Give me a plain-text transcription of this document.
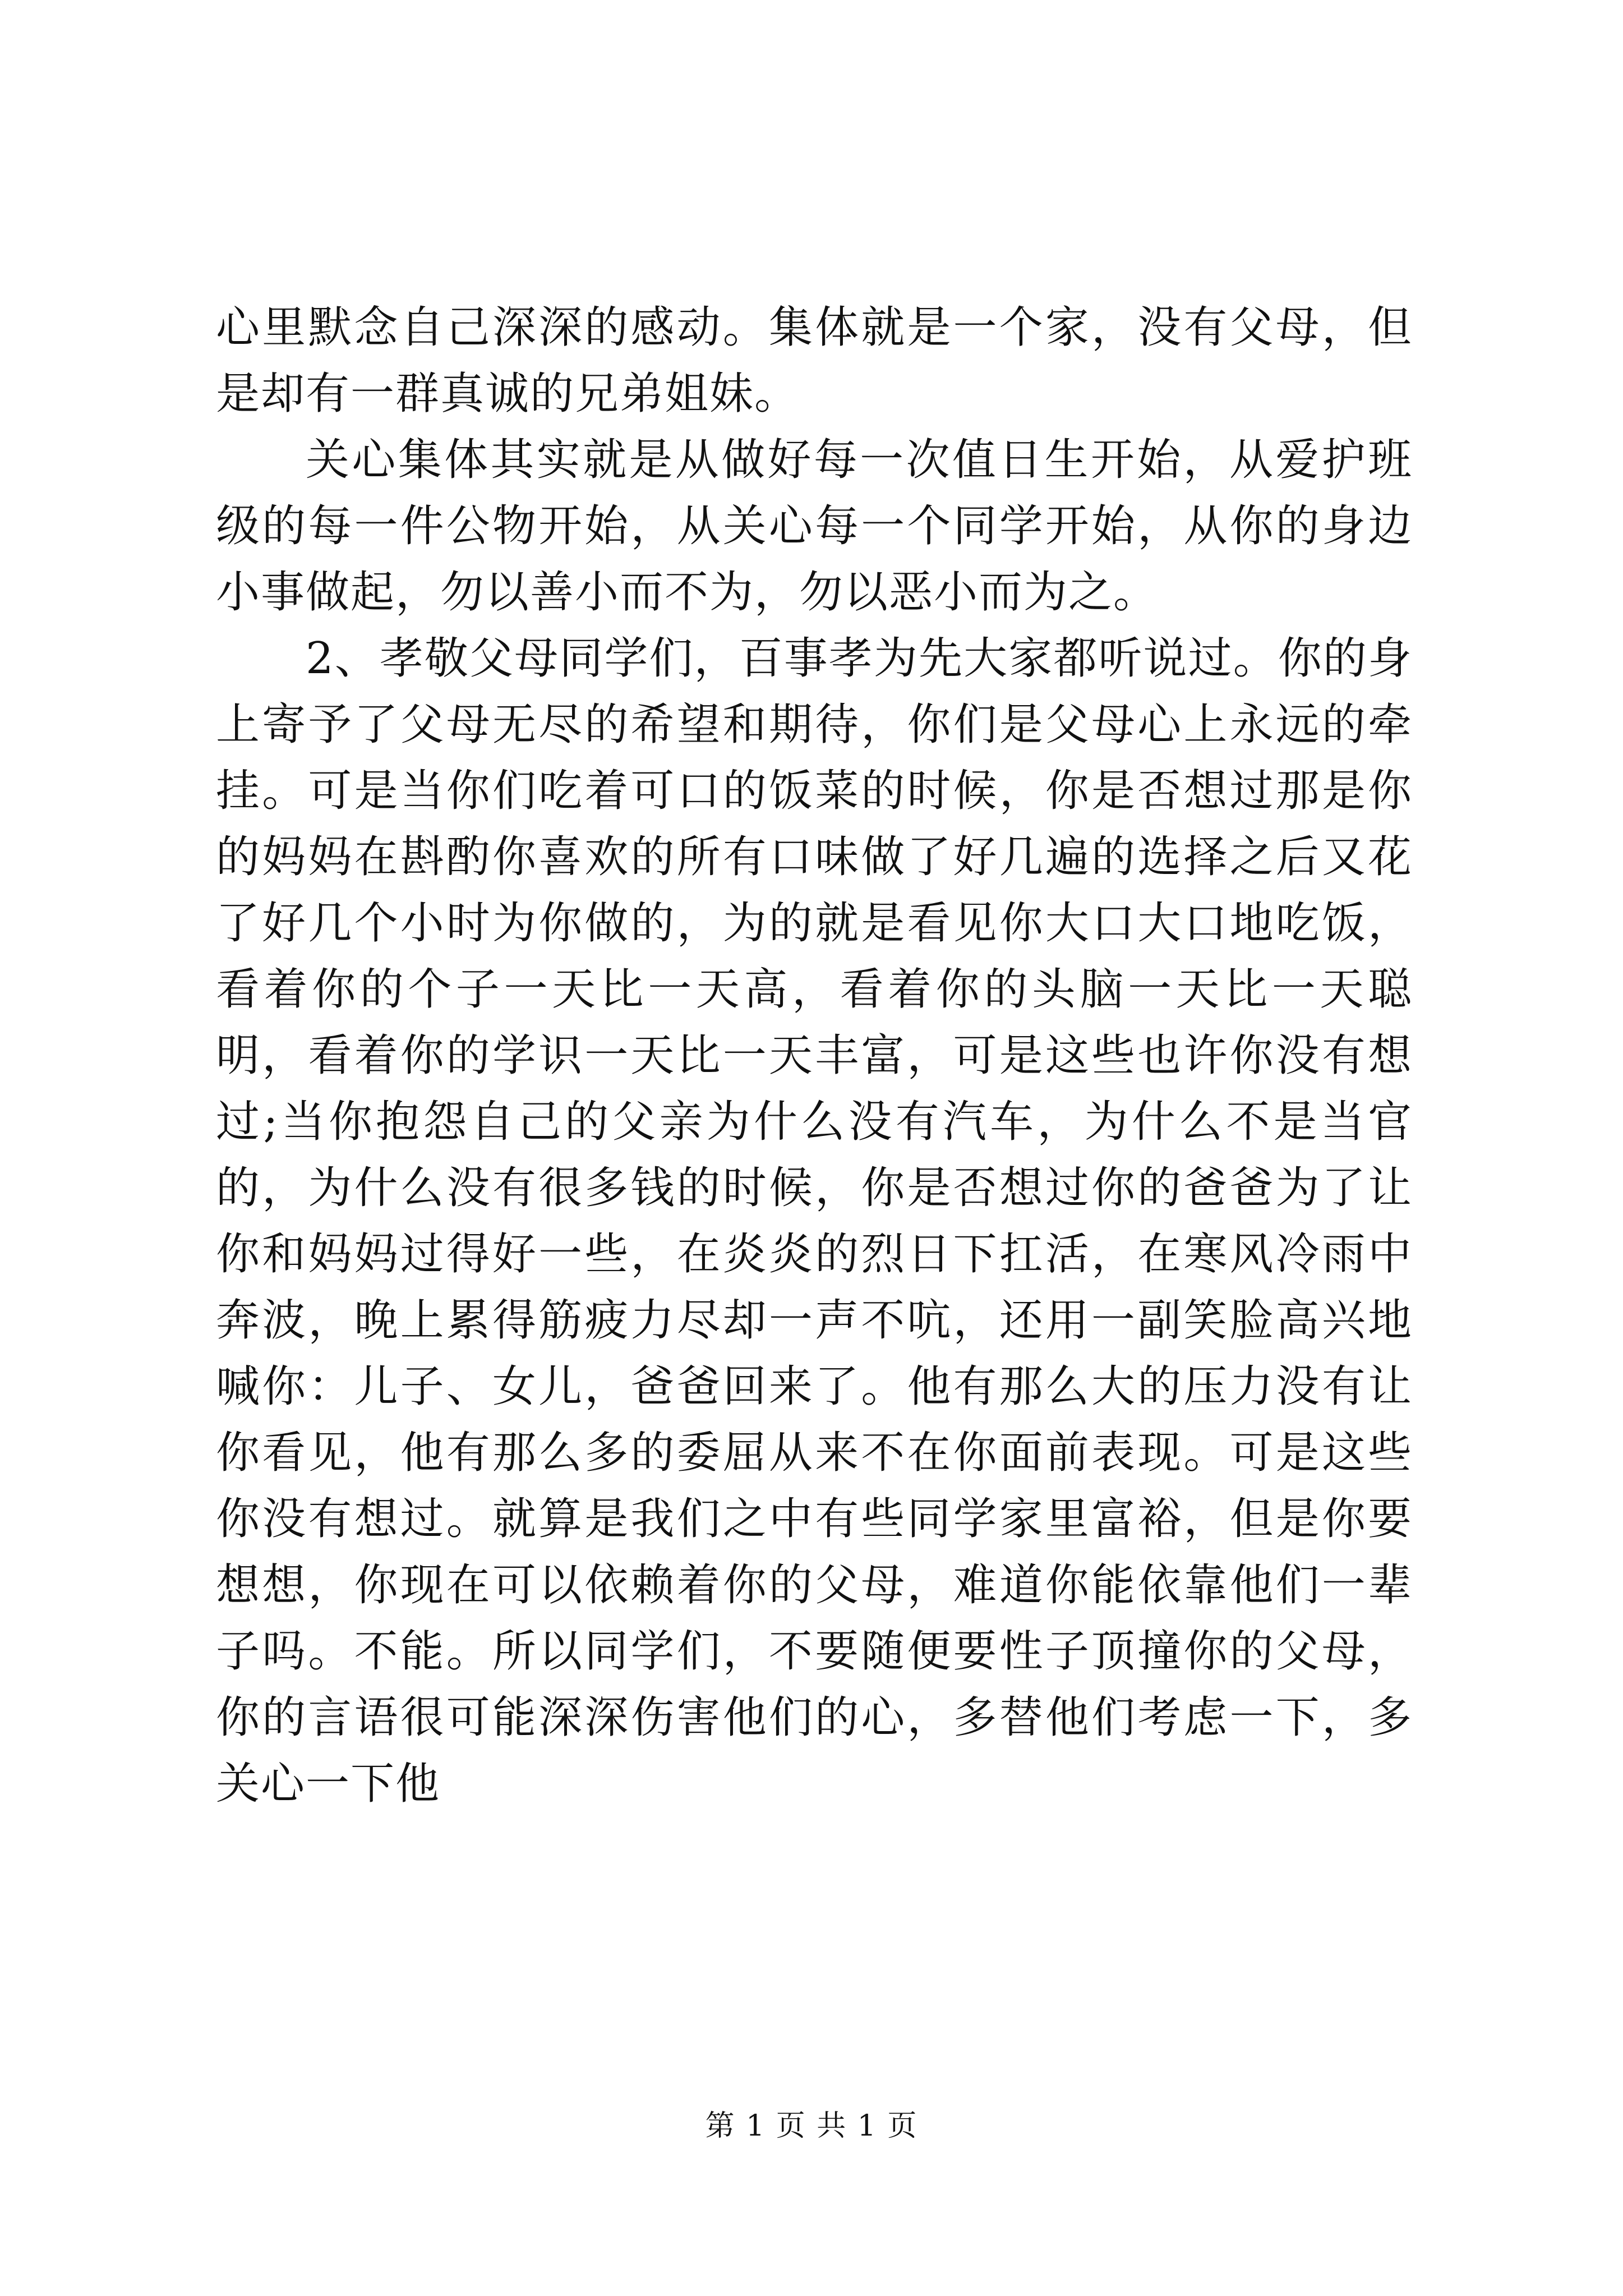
心里默念自己深深的感动。集体就是一个家，没有父母，但是却有一群真诚的兄弟姐妹。

关心集体其实就是从做好每一次值日生开始，从爱护班级的每一件公物开始，从关心每一个同学开始，从你的身边小事做起，勿以善小而不为，勿以恶小而为之。

2、孝敬父母同学们，百事孝为先大家都听说过。你的身上寄予了父母无尽的希望和期待，你们是父母心上永远的牵挂。可是当你们吃着可口的饭菜的时候，你是否想过那是你的妈妈在斟酌你喜欢的所有口味做了好几遍的选择之后又花了好几个小时为你做的，为的就是看见你大口大口地吃饭，看着你的个子一天比一天高，看着你的头脑一天比一天聪明，看着你的学识一天比一天丰富，可是这些也许你没有想过;当你抱怨自己的父亲为什么没有汽车，为什么不是当官的，为什么没有很多钱的时候，你是否想过你的爸爸为了让你和妈妈过得好一些，在炎炎的烈日下扛活，在寒风冷雨中奔波，晚上累得筋疲力尽却一声不吭，还用一副笑脸高兴地喊你：儿子、女儿，爸爸回来了。他有那么大的压力没有让你看见，他有那么多的委屈从来不在你面前表现。可是这些你没有想过。就算是我们之中有些同学家里富裕，但是你要想想，你现在可以依赖着你的父母，难道你能依靠他们一辈子吗。不能。所以同学们，不要随便要性子顶撞你的父母，你的言语很可能深深伤害他们的心，多替他们考虑一下，多关心一下他

第 1 页 共 1 页
